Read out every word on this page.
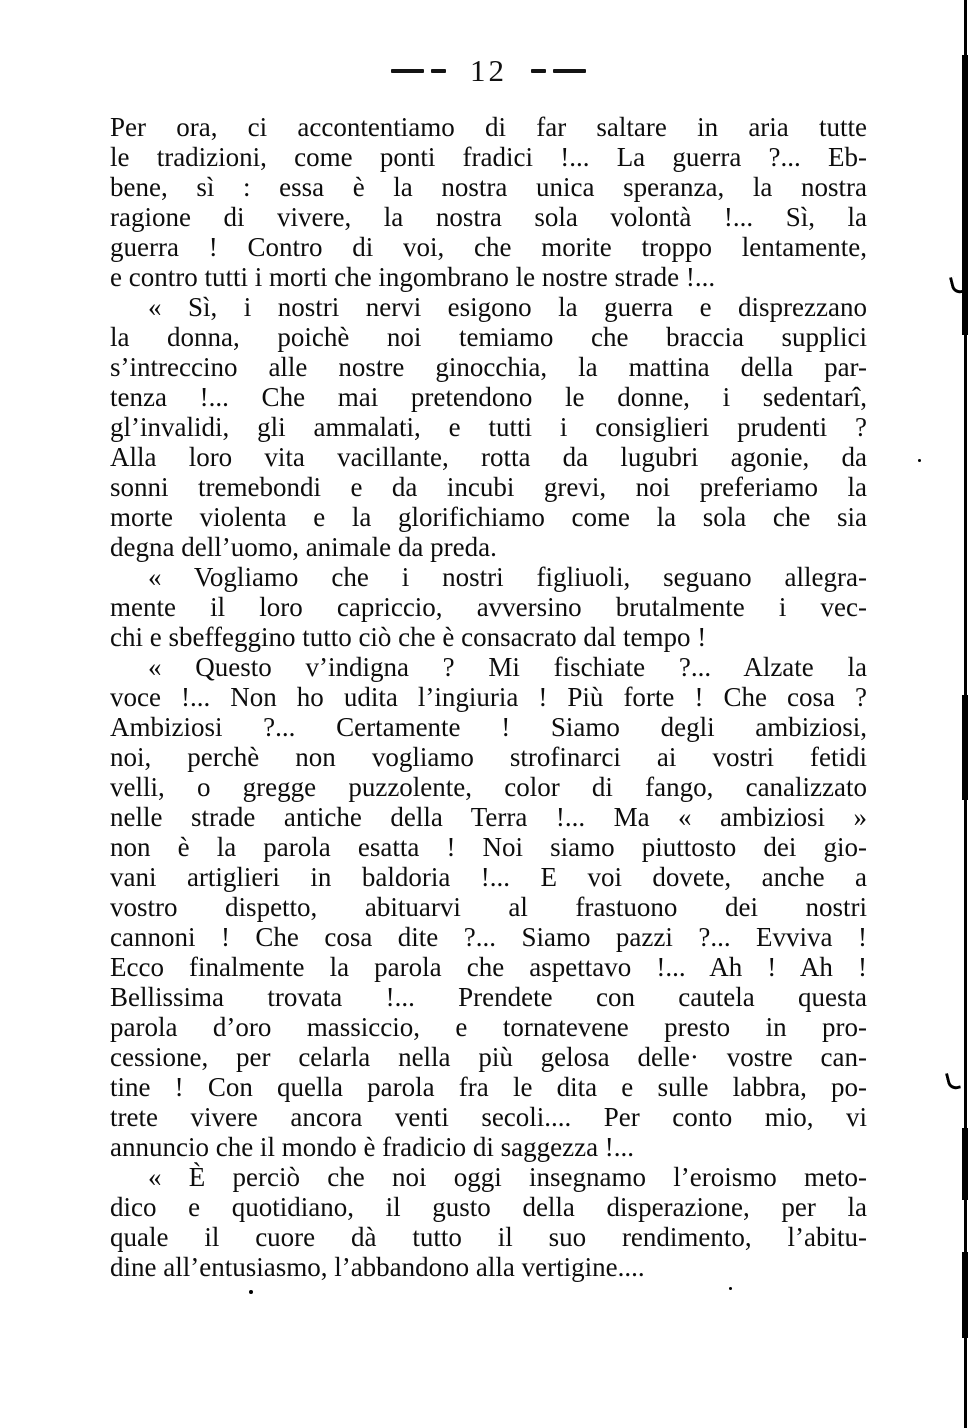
12
Per ora, ci accontentiamo di far saltare in aria tutte
le tradizioni, come ponti fradici !... La guerra ?... Eb-
bene, sì : essa è la nostra unica speranza, la nostra
ragione di vivere, la nostra sola volontà !... Sì, la
guerra ! Contro di voi, che morite troppo lentamente,
e contro tutti i morti che ingombrano le nostre strade !...
« Sì, i nostri nervi esigono la guerra e disprezzano
la donna, poichè noi temiamo che braccia supplici
s’intreccino alle nostre ginocchia, la mattina della par-
tenza !... Che mai pretendono le donne, i sedentarî,
gl’invalidi, gli ammalati, e tutti i consiglieri prudenti ?
Alla loro vita vacillante, rotta da lugubri agonie, da
sonni tremebondi e da incubi grevi, noi preferiamo la
morte violenta e la glorifichiamo come la sola che sia
degna dell’uomo, animale da preda.
« Vogliamo che i nostri figliuoli, seguano allegra-
mente il loro capriccio, avversino brutalmente i vec-
chi e sbeffeggino tutto ciò che è consacrato dal tempo !
« Questo v’indigna ? Mi fischiate ?... Alzate la
voce !... Non ho udita l’ingiuria ! Più forte ! Che cosa ?
Ambiziosi ?... Certamente ! Siamo degli ambiziosi,
noi, perchè non vogliamo strofinarci ai vostri fetidi
velli, o gregge puzzolente, color di fango, canalizzato
nelle strade antiche della Terra !... Ma « ambiziosi »
non è la parola esatta ! Noi siamo piuttosto dei gio-
vani artiglieri in baldoria !... E voi dovete, anche a
vostro dispetto, abituarvi al frastuono dei nostri
cannoni ! Che cosa dite ?... Siamo pazzi ?... Evviva !
Ecco finalmente la parola che aspettavo !... Ah ! Ah !
Bellissima trovata !... Prendete con cautela questa
parola d’oro massiccio, e tornatevene presto in pro-
cessione, per celarla nella più gelosa delle· vostre can-
tine ! Con quella parola fra le dita e sulle labbra, po-
trete vivere ancora venti secoli.... Per conto mio, vi
annuncio che il mondo è fradicio di saggezza !...
« È perciò che noi oggi insegnamo l’eroismo meto-
dico e quotidiano, il gusto della disperazione, per la
quale il cuore dà tutto il suo rendimento, l’abitu-
dine all’entusiasmo, l’abbandono alla vertigine....
